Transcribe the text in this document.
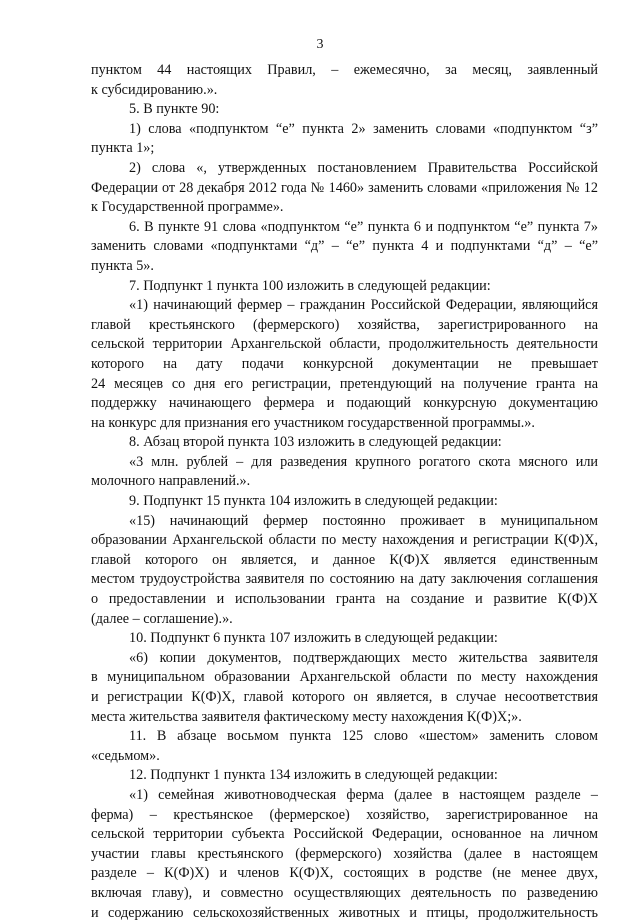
3
пунктом 44 настоящих Правил, – ежемесячно, за месяц, заявленный
к субсидированию.».
5. В пункте 90:
1) слова «подпунктом “е” пункта 2» заменить словами «подпунктом “з”
пункта 1»;
2) слова «, утвержденных постановлением Правительства Российской
Федерации от 28 декабря 2012 года № 1460» заменить словами «приложения № 12
к Государственной программе».
6. В пункте 91 слова «подпунктом “е” пункта 6 и подпунктом “е” пункта 7»
заменить словами «подпунктами “д” – “е” пункта 4 и подпунктами “д” – “е”
пункта 5».
7. Подпункт 1 пункта 100 изложить в следующей редакции:
«1) начинающий фермер – гражданин Российской Федерации, являющийся
главой крестьянского (фермерского) хозяйства, зарегистрированного на
сельской территории Архангельской области, продолжительность деятельности
которого на дату подачи конкурсной документации не превышает
24 месяцев со дня его регистрации, претендующий на получение гранта на
поддержку начинающего фермера и подающий конкурсную документацию
на конкурс для признания его участником государственной программы.».
8. Абзац второй пункта 103 изложить в следующей редакции:
«3 млн. рублей – для разведения крупного рогатого скота мясного или
молочного направлений.».
9. Подпункт 15 пункта 104 изложить в следующей редакции:
«15) начинающий фермер постоянно проживает в муниципальном
образовании Архангельской области по месту нахождения и регистрации К(Ф)Х,
главой которого он является, и данное К(Ф)Х является единственным
местом трудоустройства заявителя по состоянию на дату заключения соглашения
о предоставлении и использовании гранта на создание и развитие К(Ф)Х
(далее – соглашение).».
10. Подпункт 6 пункта 107 изложить в следующей редакции:
«6) копии документов, подтверждающих место жительства заявителя
в муниципальном образовании Архангельской области по месту нахождения
и регистрации К(Ф)Х, главой которого он является, в случае несоответствия
места жительства заявителя фактическому месту нахождения К(Ф)Х;».
11. В абзаце восьмом пункта 125 слово «шестом» заменить словом
«седьмом».
12. Подпункт 1 пункта 134 изложить в следующей редакции:
«1) семейная животноводческая ферма (далее в настоящем разделе –
ферма) – крестьянское (фермерское) хозяйство, зарегистрированное на
сельской территории субъекта Российской Федерации, основанное на личном
участии главы крестьянского (фермерского) хозяйства (далее в настоящем
разделе – К(Ф)Х) и членов К(Ф)Х, состоящих в родстве (не менее двух,
включая главу), и совместно осуществляющих деятельность по разведению
и содержанию сельскохозяйственных животных и птицы, продолжительность
